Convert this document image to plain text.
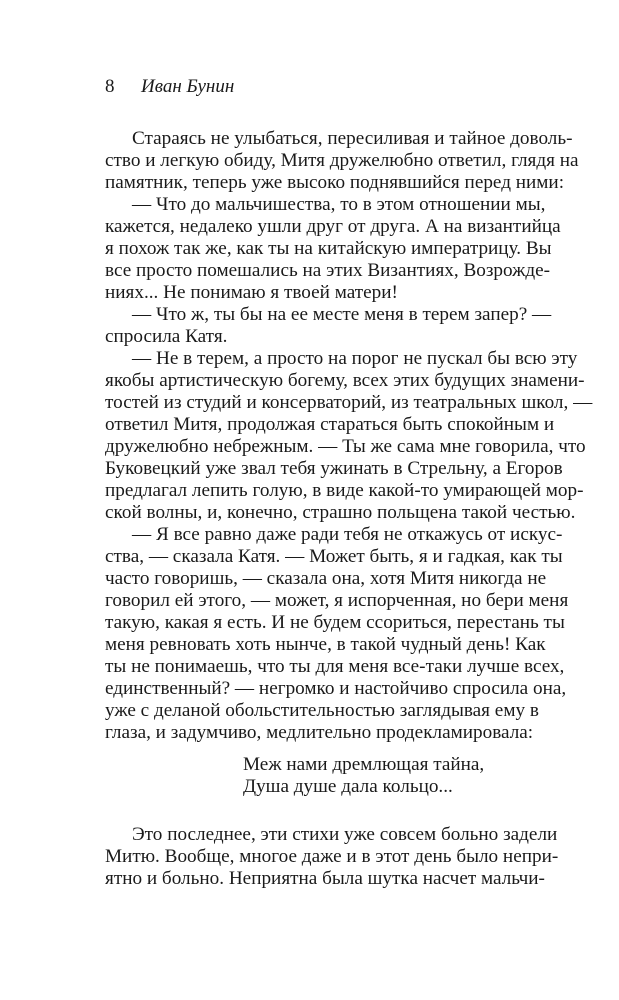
8 Иван Бунин
Стараясь не улыбаться, пересиливая и тайное доволь-
ство и легкую обиду, Митя дружелюбно ответил, глядя на
памятник, теперь уже высоко поднявшийся перед ними:
— Что до мальчишества, то в этом отношении мы,
кажется, недалеко ушли друг от друга. А на византийца
я похож так же, как ты на китайскую императрицу. Вы
все просто помешались на этих Византиях, Возрожде-
ниях... Не понимаю я твоей матери!
— Что ж, ты бы на ее месте меня в терем запер? —
спросила Катя.
— Не в терем, а просто на порог не пускал бы всю эту
якобы артистическую богему, всех этих будущих знамени-
тостей из студий и консерваторий, из театральных школ, —
ответил Митя, продолжая стараться быть спокойным и
дружелюбно небрежным. — Ты же сама мне говорила, что
Буковецкий уже звал тебя ужинать в Стрельну, а Егоров
предлагал лепить голую, в виде какой-то умирающей мор-
ской волны, и, конечно, страшно польщена такой честью.
— Я все равно даже ради тебя не откажусь от искус-
ства, — сказала Катя. — Может быть, я и гадкая, как ты
часто говоришь, — сказала она, хотя Митя никогда не
говорил ей этого, — может, я испорченная, но бери меня
такую, какая я есть. И не будем ссориться, перестань ты
меня ревновать хоть нынче, в такой чудный день! Как
ты не понимаешь, что ты для меня все-таки лучше всех,
единственный? — негромко и настойчиво спросила она,
уже с деланой обольстительностью заглядывая ему в
глаза, и задумчиво, медлительно продекламировала:
Меж нами дремлющая тайна,
Душа душе дала кольцо...
Это последнее, эти стихи уже совсем больно задели
Митю. Вообще, многое даже и в этот день было непри-
ятно и больно. Неприятна была шутка насчет мальчи-
